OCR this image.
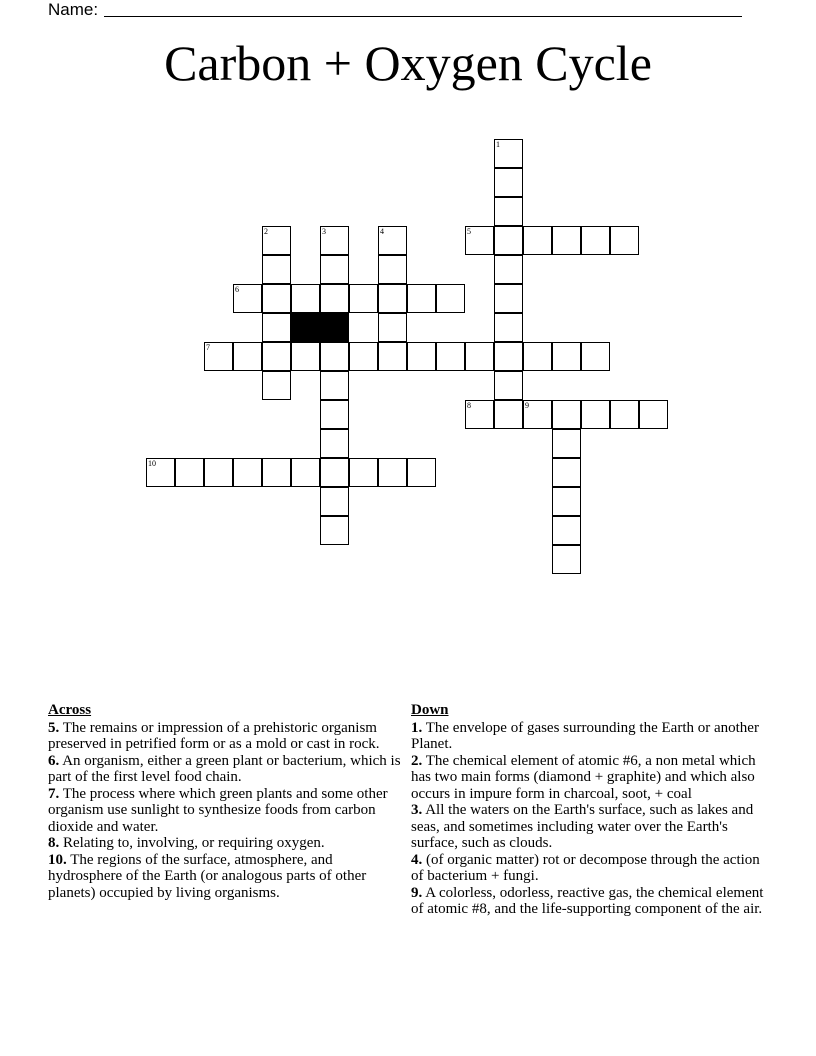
Name:
Carbon + Oxygen Cycle
1
5
2	3	4
6
7
8	9
10
Across
5. The remains or impression of a prehistoric organism preserved in petrified form or as a mold or cast in rock.
6. An organism, either a green plant or bacterium, which is part of the first level food chain.
7. The process where which green plants and some other organism use sunlight to synthesize foods from carbon dioxide and water.
8. Relating to, involving, or requiring oxygen.
10. The regions of the surface, atmosphere, and hydrosphere of the Earth (or analogous parts of other planets) occupied by living organisms.
Down
1. The envelope of gases surrounding the Earth or another Planet.
2. The chemical element of atomic #6, a non metal which has two main forms (diamond + graphite) and which also occurs in impure form in charcoal, soot, + coal
3. All the waters on the Earth's surface, such as lakes and seas, and sometimes including water over the Earth's surface, such as clouds.
4. (of organic matter) rot or decompose through the action of bacterium + fungi.
9. A colorless, odorless, reactive gas, the chemical element of atomic #8, and the life-supporting component of the air.
